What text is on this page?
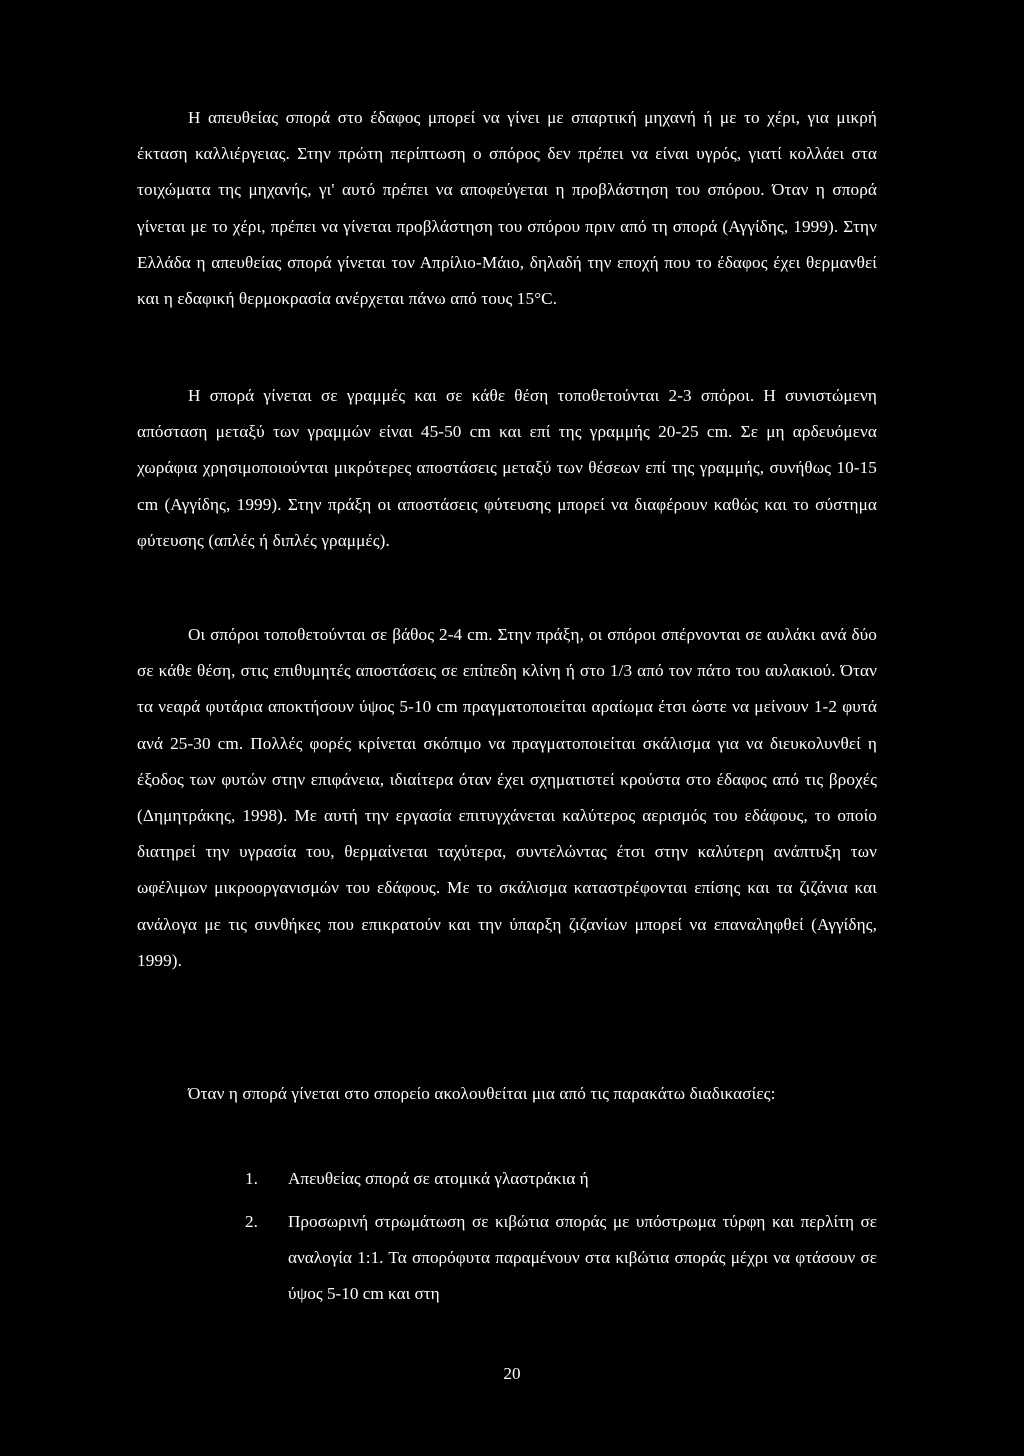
Η απευθείας σπορά στο έδαφος μπορεί να γίνει με σπαρτική μηχανή ή με το χέρι, για μικρή έκταση καλλιέργειας. Στην πρώτη περίπτωση ο σπόρος δεν πρέπει να είναι υγρός, γιατί κολλάει στα τοιχώματα της μηχανής, γι' αυτό πρέπει να αποφεύγεται η προβλάστηση του σπόρου. Όταν η σπορά γίνεται με το χέρι, πρέπει να γίνεται προβλάστηση του σπόρου πριν από τη σπορά (Αγγίδης, 1999). Στην Ελλάδα η απευθείας σπορά γίνεται τον Απρίλιο-Μάιο, δηλαδή την εποχή που το έδαφος έχει θερμανθεί και η εδαφική θερμοκρασία ανέρχεται πάνω από τους 15°C.

Η σπορά γίνεται σε γραμμές και σε κάθε θέση τοποθετούνται 2-3 σπόροι. Η συνιστώμενη απόσταση μεταξύ των γραμμών είναι 45-50 cm και επί της γραμμής 20-25 cm. Σε μη αρδευόμενα χωράφια χρησιμοποιούνται μικρότερες αποστάσεις μεταξύ των θέσεων επί της γραμμής, συνήθως 10-15 cm (Αγγίδης, 1999). Στην πράξη οι αποστάσεις φύτευσης μπορεί να διαφέρουν καθώς και το σύστημα φύτευσης (απλές ή διπλές γραμμές).

Οι σπόροι τοποθετούνται σε βάθος 2-4 cm. Στην πράξη, οι σπόροι σπέρνονται σε αυλάκι ανά δύο σε κάθε θέση, στις επιθυμητές αποστάσεις σε επίπεδη κλίνη ή στο 1/3 από τον πάτο του αυλακιού. Όταν τα νεαρά φυτάρια αποκτήσουν ύψος 5-10 cm πραγματοποιείται αραίωμα έτσι ώστε να μείνουν 1-2 φυτά ανά 25-30 cm. Πολλές φορές κρίνεται σκόπιμο να πραγματοποιείται σκάλισμα για να διευκολυνθεί η έξοδος των φυτών στην επιφάνεια, ιδιαίτερα όταν έχει σχηματιστεί κρούστα στο έδαφος από τις βροχές (Δημητράκης, 1998). Με αυτή την εργασία επιτυγχάνεται καλύτερος αερισμός του εδάφους, το οποίο διατηρεί την υγρασία του, θερμαίνεται ταχύτερα, συντελώντας έτσι στην καλύτερη ανάπτυξη των ωφέλιμων μικροοργανισμών του εδάφους. Με το σκάλισμα καταστρέφονται επίσης και τα ζιζάνια και ανάλογα με τις συνθήκες που επικρατούν και την ύπαρξη ζιζανίων μπορεί να επαναληφθεί (Αγγίδης, 1999).

Όταν η σπορά γίνεται στο σπορείο ακολουθείται μια από τις παρακάτω διαδικασίες:

1.	Απευθείας σπορά σε ατομικά γλαστράκια ή
2.	Προσωρινή στρωμάτωση σε κιβώτια σποράς με υπόστρωμα τύρφη και περλίτη σε αναλογία 1:1. Τα σπορόφυτα παραμένουν στα κιβώτια σποράς μέχρι να φτάσουν σε ύψος 5-10 cm και στη
20
